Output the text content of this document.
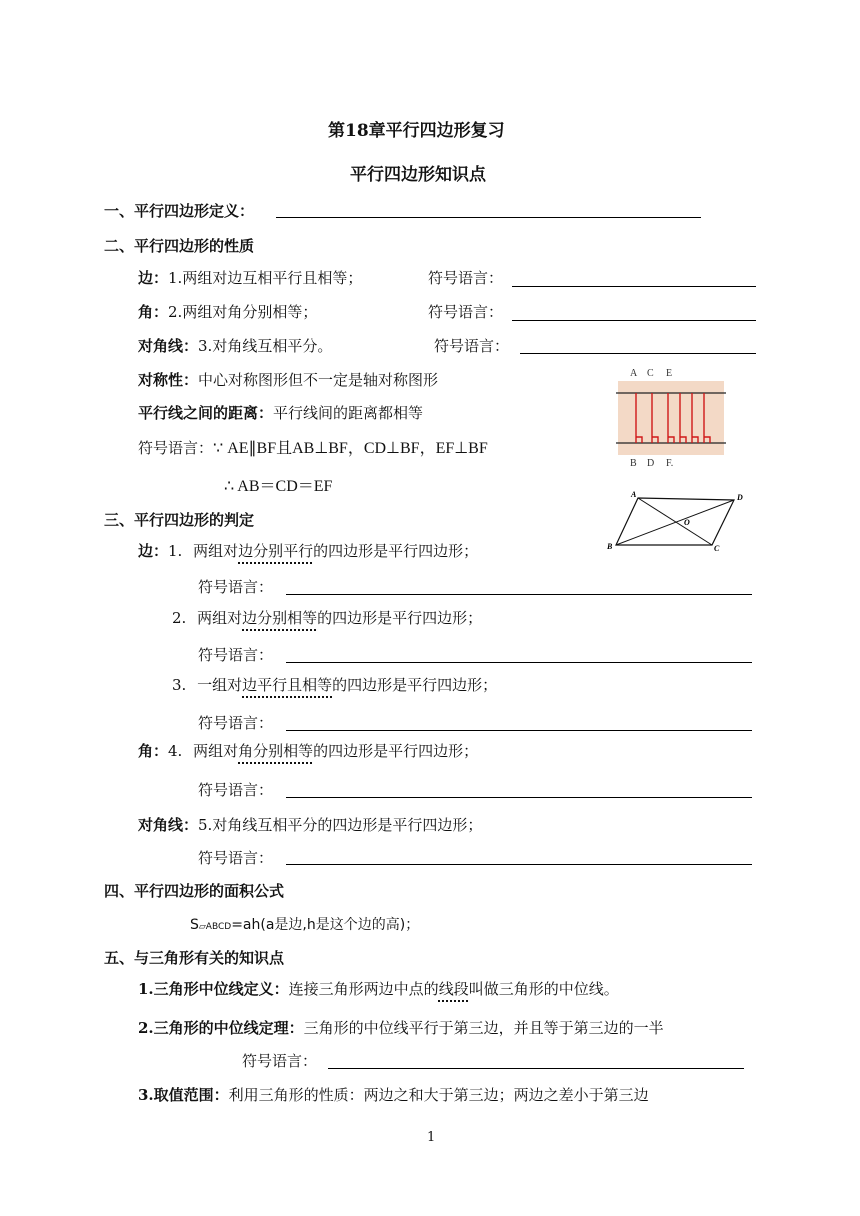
第18章平行四边形复习
平行四边形知识点
一、平行四边形定义：
二、平行四边形的性质
边：1.两组对边互相平行且相等；	符号语言：
角：2.两组对角分别相等；	符号语言：
对角线：3.对角线互相平分。	符号语言：
对称性：中心对称图形但不一定是轴对称图形
平行线之间的距离：平行线间的距离都相等
符号语言：∵ AE∥BF且AB⊥BF，CD⊥BF，EF⊥BF
∴ AB＝CD＝EF
A C E
B D F.
A	D
O
B	C
三、平行四边形的判定
边：1. 两组对边分别平行的四边形是平行四边形；
符号语言：
2. 两组对边分别相等的四边形是平行四边形；
符号语言：
3. 一组对边平行且相等的四边形是平行四边形；
符号语言：
角：4. 两组对角分别相等的四边形是平行四边形；
符号语言：
对角线：5.对角线互相平分的四边形是平行四边形；
符号语言：
四、平行四边形的面积公式
S▱ABCD=ah(a是边,h是这个边的高)；
五、与三角形有关的知识点
1.三角形中位线定义：连接三角形两边中点的线段叫做三角形的中位线。
2.三角形的中位线定理：三角形的中位线平行于第三边，并且等于第三边的一半
符号语言：
3.取值范围：利用三角形的性质：两边之和大于第三边；两边之差小于第三边
1
